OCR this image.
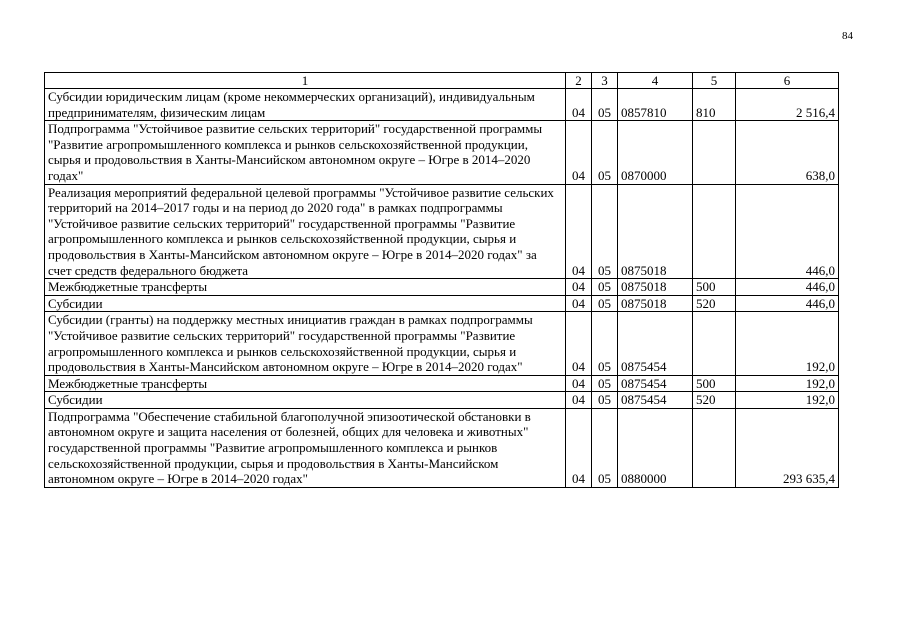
84
1	2	3	4	5	6
Субсидии юридическим лицам (кроме некоммерческих организаций), индивидуальным предпринимателям, физическим лицам	04	05	0857810	810	2 516,4
Подпрограмма "Устойчивое развитие сельских территорий" государственной программы "Развитие агропромышленного комплекса и рынков сельскохозяйственной продукции, сырья и продовольствия в Ханты-Мансийском автономном округе – Югре в 2014–2020 годах"	04	05	0870000		638,0
Реализация мероприятий федеральной целевой программы "Устойчивое развитие сельских территорий на 2014–2017 годы и на период до 2020 года" в рамках подпрограммы "Устойчивое развитие сельских территорий" государственной программы "Развитие агропромышленного комплекса и рынков сельскохозяйственной продукции, сырья и продовольствия в Ханты-Мансийском автономном округе – Югре в 2014–2020 годах" за счет средств федерального бюджета	04	05	0875018		446,0
Межбюджетные трансферты	04	05	0875018	500	446,0
Субсидии	04	05	0875018	520	446,0
Субсидии (гранты) на поддержку местных инициатив граждан в рамках подпрограммы "Устойчивое развитие сельских территорий" государственной программы "Развитие агропромышленного комплекса и рынков сельскохозяйственной продукции, сырья и продовольствия в Ханты-Мансийском автономном округе – Югре в 2014–2020 годах"	04	05	0875454		192,0
Межбюджетные трансферты	04	05	0875454	500	192,0
Субсидии	04	05	0875454	520	192,0
Подпрограмма "Обеспечение стабильной благополучной эпизоотической обстановки в автономном округе и защита населения от болезней, общих для человека и животных" государственной программы "Развитие агропромышленного комплекса и рынков сельскохозяйственной продукции, сырья и продовольствия в Ханты-Мансийском автономном округе – Югре в 2014–2020 годах"	04	05	0880000		293 635,4
